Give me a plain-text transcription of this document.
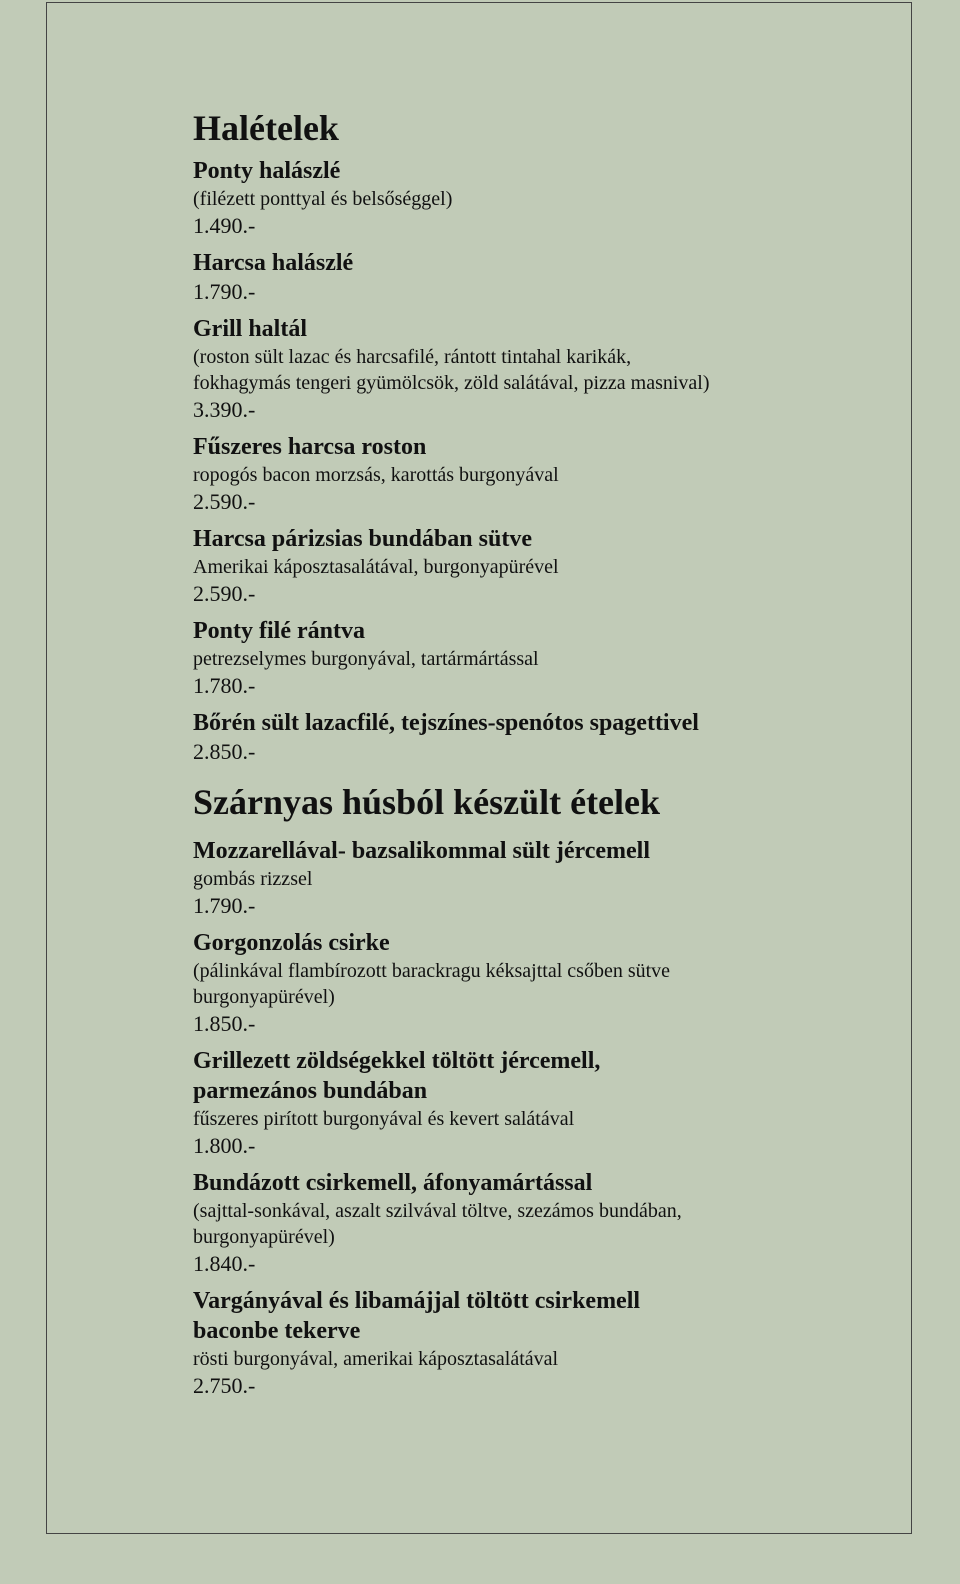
Halételek
Ponty halászlé
(filézett ponttyal és belsőséggel)
1.490.-
Harcsa halászlé
1.790.-
Grill haltál
(roston sült lazac és harcsafilé, rántott tintahal karikák,
fokhagymás tengeri gyümölcsök, zöld salátával, pizza masnival)
3.390.-
Fűszeres harcsa roston
ropogós bacon morzsás, karottás burgonyával
2.590.-
Harcsa párizsias bundában sütve
Amerikai káposztasalátával, burgonyapürével
2.590.-
Ponty filé rántva
petrezselymes burgonyával, tartármártással
1.780.-
Bőrén sült lazacfilé, tejszínes-spenótos spagettivel
2.850.-
Szárnyas húsból készült ételek
Mozzarellával- bazsalikommal sült jércemell
gombás rizzsel
1.790.-
Gorgonzolás csirke
(pálinkával flambírozott barackragu kéksajttal csőben sütve
burgonyapürével)
1.850.-
Grillezett zöldségekkel töltött jércemell,
parmezános bundában
fűszeres pirított burgonyával és kevert salátával
1.800.-
Bundázott csirkemell, áfonyamártással
(sajttal-sonkával, aszalt szilvával töltve, szezámos bundában,
burgonyapürével)
1.840.-
Vargányával és libamájjal töltött csirkemell
baconbe tekerve
rösti burgonyával, amerikai káposztasalátával
2.750.-
